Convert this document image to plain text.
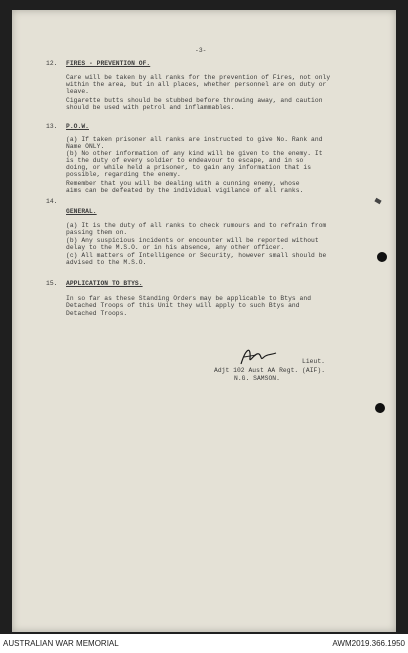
-3-
12. FIRES - PREVENTION OF.
Care will be taken by all ranks for the prevention of Fires, not only
within the area, but in all places, whether personnel are on duty or
leave.
Cigarette butts should be stubbed before throwing away, and caution
should be used with petrol and inflammables.
13. P.O.W.
(a) If taken prisoner all ranks are instructed to give No. Rank and
Name ONLY.
(b) No other information of any kind will be given to the enemy. It
is the duty of every soldier to endeavour to escape, and in so
doing, or while held a prisoner, to gain any information that is
possible, regarding the enemy.
Remember that you will be dealing with a cunning enemy, whose
aims can be defeated by the individual vigilance of all ranks.
14.
GENERAL.
(a) It is the duty of all ranks to check rumours and to refrain from
passing them on.
(b) Any suspicious incidents or encounter will be reported without
delay to the M.S.O. or in his absence, any other officer.
(c) All matters of Intelligence or Security, however small should be
advised to the M.S.O.
15. APPLICATION TO BTYS.
In so far as these Standing Orders may be applicable to Btys and
Detached Troops of this Unit they will apply to such Btys and
Detached Troops.
Lieut.
Adjt 102 Aust AA Regt. (AIF).
N.G. SAMSON.
AUSTRALIAN WAR MEMORIAL	AWM2019.366.1950
